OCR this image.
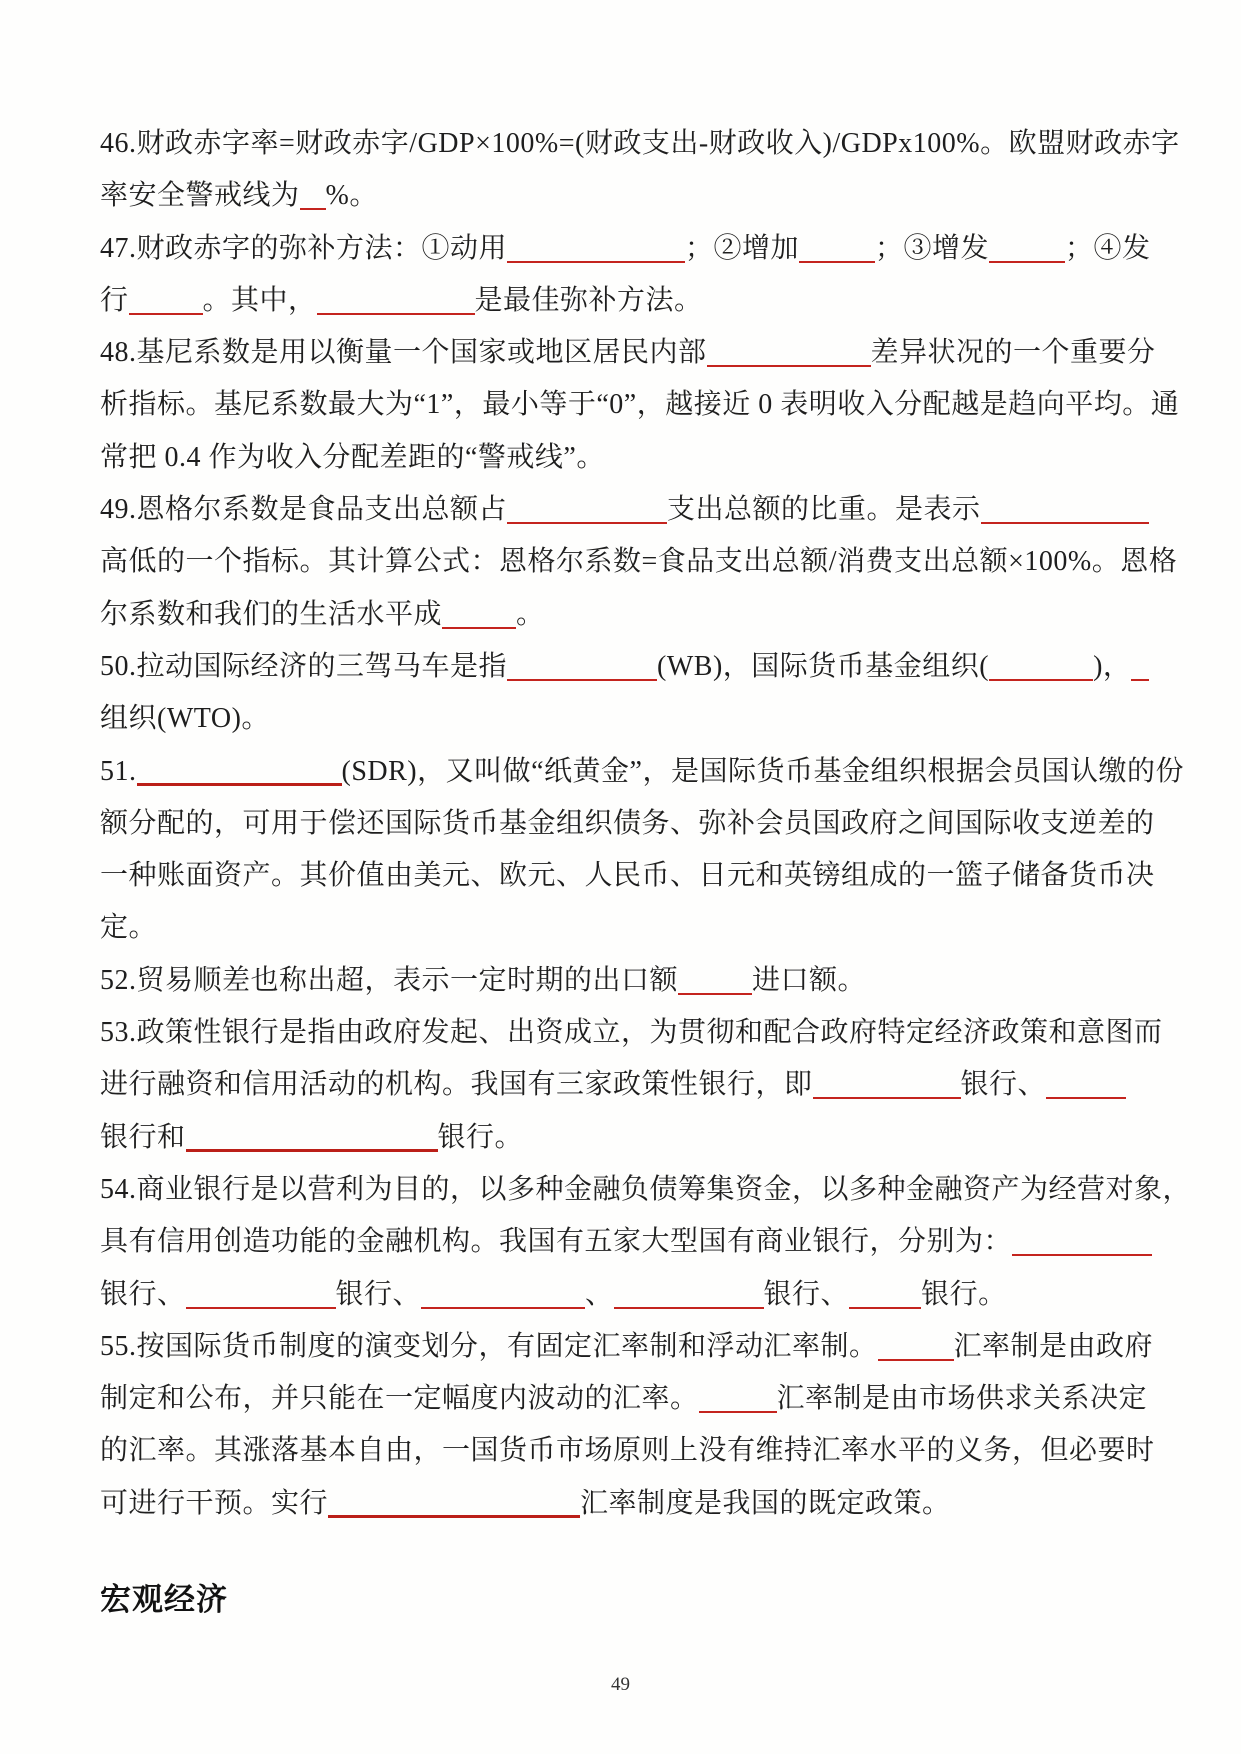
46.财政赤字率=财政赤字/GDP×100%=(财政支出-财政收入)/GDPx100%。欧盟财政赤字
率安全警戒线为 %。
47.财政赤字的弥补方法：①动用	；②增加	；③增发	；④发
行	。其中，	是最佳弥补方法。
48.基尼系数是用以衡量一个国家或地区居民内部	差异状况的一个重要分
析指标。基尼系数最大为“1”，最小等于“0”，越接近 0 表明收入分配越是趋向平均。通
常把 0.4 作为收入分配差距的“警戒线”。
49.恩格尔系数是食品支出总额占	支出总额的比重。是表示
高低的一个指标。其计算公式：恩格尔系数=食品支出总额/消费支出总额×100%。恩格
尔系数和我们的生活水平成	。
50.拉动国际经济的三驾马车是指	(WB)，国际货币基金组织(	)，
组织(WTO)。
51.	(SDR)，又叫做“纸黄金”，是国际货币基金组织根据会员国认缴的份
额分配的，可用于偿还国际货币基金组织债务、弥补会员国政府之间国际收支逆差的
一种账面资产。其价值由美元、欧元、人民币、日元和英镑组成的一篮子储备货币决
定。
52.贸易顺差也称出超，表示一定时期的出口额	进口额。
53.政策性银行是指由政府发起、出资成立，为贯彻和配合政府特定经济政策和意图而
进行融资和信用活动的机构。我国有三家政策性银行，即	银行、
银行和	银行。
54.商业银行是以营利为目的，以多种金融负债筹集资金，以多种金融资产为经营对象，
具有信用创造功能的金融机构。我国有五家大型国有商业银行，分别为：
银行、	银行、	、	银行、	银行。
55.按国际货币制度的演变划分，有固定汇率制和浮动汇率制。	汇率制是由政府
制定和公布，并只能在一定幅度内波动的汇率。	汇率制是由市场供求关系决定
的汇率。其涨落基本自由，一国货币市场原则上没有维持汇率水平的义务，但必要时
可进行干预。实行	汇率制度是我国的既定政策。
宏观经济
49
